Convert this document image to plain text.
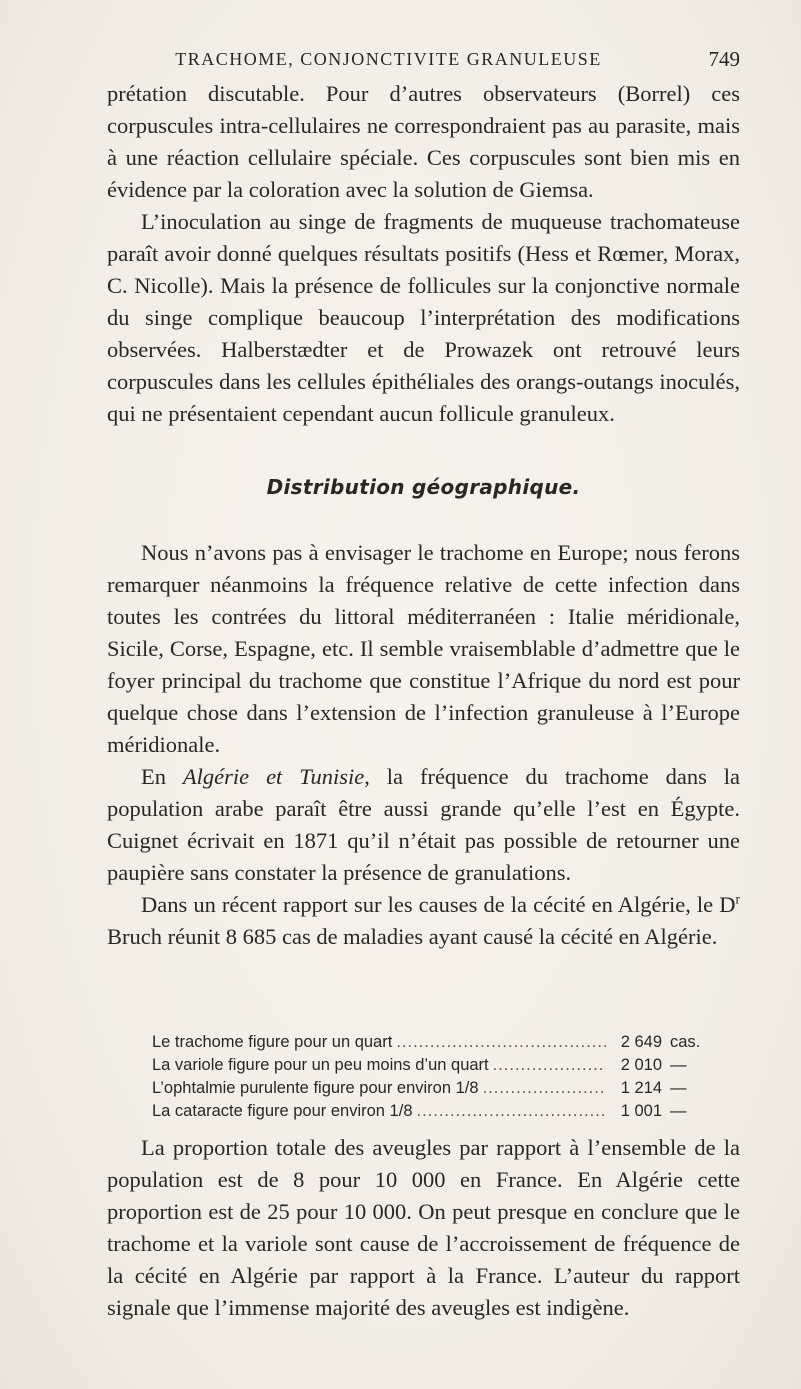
TRACHOME, CONJONCTIVITE GRANULEUSE	749

prétation discutable. Pour d’autres observateurs (Borrel) ces corpuscules intra-cellulaires ne correspondraient pas au parasite, mais à une réaction cellulaire spéciale. Ces corpuscules sont bien mis en évidence par la coloration avec la solution de Giemsa.

L’inoculation au singe de fragments de muqueuse trachomateuse paraît avoir donné quelques résultats positifs (Hess et Rœmer, Morax, C. Nicolle). Mais la présence de follicules sur la conjonctive normale du singe complique beaucoup l’interprétation des modifications observées. Halberstædter et de Prowazek ont retrouvé leurs corpuscules dans les cellules épithéliales des orangs-outangs inoculés, qui ne présentaient cependant aucun follicule granuleux.

Distribution géographique.

Nous n’avons pas à envisager le trachome en Europe; nous ferons remarquer néanmoins la fréquence relative de cette infection dans toutes les contrées du littoral méditerranéen : Italie méridionale, Sicile, Corse, Espagne, etc. Il semble vraisemblable d’admettre que le foyer principal du trachome que constitue l’Afrique du nord est pour quelque chose dans l’extension de l’infection granuleuse à l’Europe méridionale.

En Algérie et Tunisie, la fréquence du trachome dans la population arabe paraît être aussi grande qu’elle l’est en Égypte. Cuignet écrivait en 1871 qu’il n’était pas possible de retourner une paupière sans constater la présence de granulations.

Dans un récent rapport sur les causes de la cécité en Algérie, le $D^r$ Bruch réunit 8 685 cas de maladies ayant causé la cécité en Algérie.

Le trachome figure pour un quart .....	2 649 cas.
La variole figure pour un peu moins d’un quart .....	2 010 —
L’ophtalmie purulente figure pour environ 1/8 .....	1 214 —
La cataracte figure pour environ 1/8 .....	1 001 —

La proportion totale des aveugles par rapport à l’ensemble de la population est de 8 pour 10 000 en France. En Algérie cette proportion est de 25 pour 10 000. On peut presque en conclure que le trachome et la variole sont cause de l’accroissement de fréquence de la cécité en Algérie par rapport à la France. L’auteur du rapport signale que l’immense majorité des aveugles est indigène.
